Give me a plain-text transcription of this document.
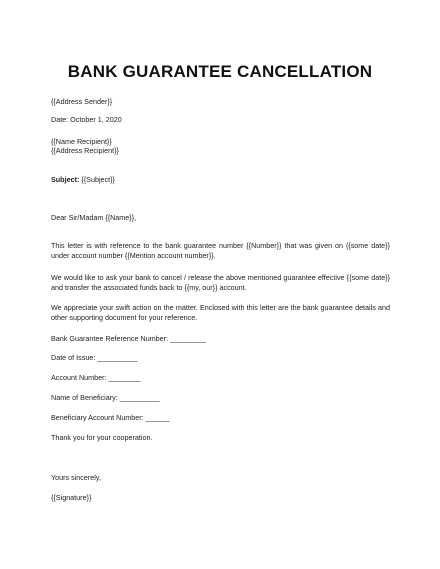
BANK GUARANTEE CANCELLATION
{{Address Sender}}
Date: October 1, 2020
{{Name Recipient}}
{{Address Recipient}}
Subject: {{Subject}}
Dear Sir/Madam {{Name}},
This letter is with reference to the bank guarantee number {{Number}} that was given on {{some date}} under account number {{Mention account number}}.
We would like to ask your bank to cancel / release the above mentioned guarantee effective {{some date}} and transfer the associated funds back to {{my, our}} account.
We appreciate your swift action on the matter. Enclosed with this letter are the bank guarantee details and other supporting document for your reference.
Bank Guarantee Reference Number: _________
Date of Issue: __________
Account Number: ________
Name of Beneficiary: __________
Beneficiary Account Number: ______
Thank you for your cooperation.
Yours sincerely,
{{Signature}}
